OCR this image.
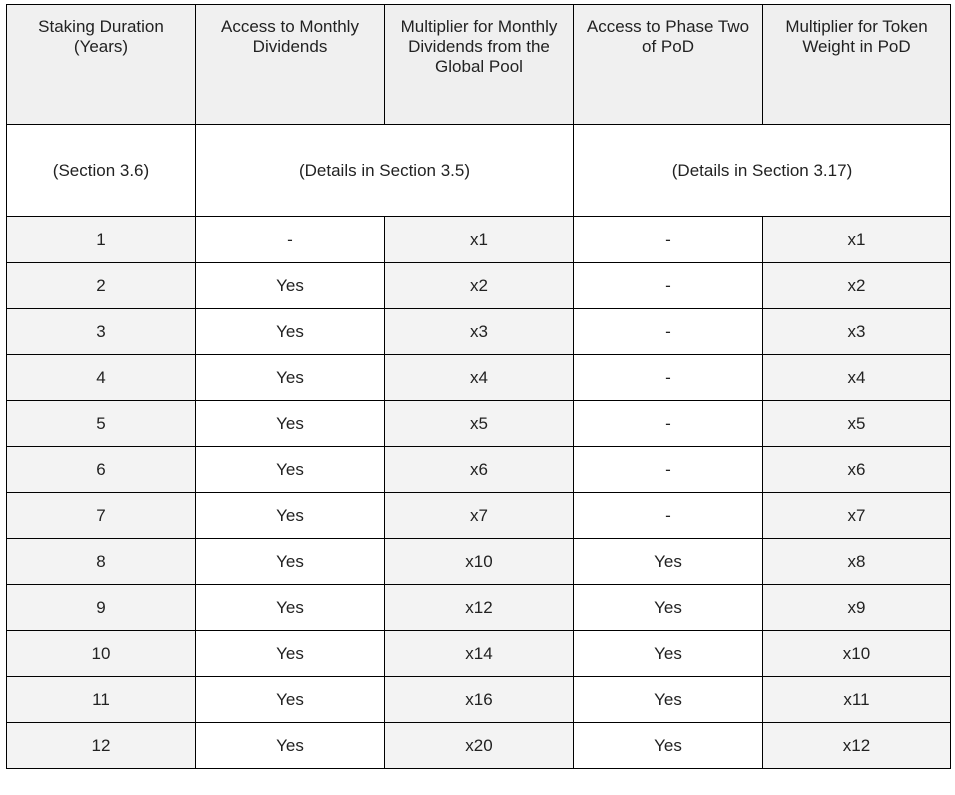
Staking Duration (Years)	Access to Monthly Dividends	Multiplier for Monthly Dividends from the Global Pool	Access to Phase Two of PoD	Multiplier for Token Weight in PoD
(Section 3.6)	(Details in Section 3.5)		(Details in Section 3.17)	
1	-	x1	-	x1
2	Yes	x2	-	x2
3	Yes	x3	-	x3
4	Yes	x4	-	x4
5	Yes	x5	-	x5
6	Yes	x6	-	x6
7	Yes	x7	-	x7
8	Yes	x10	Yes	x8
9	Yes	x12	Yes	x9
10	Yes	x14	Yes	x10
11	Yes	x16	Yes	x11
12	Yes	x20	Yes	x12
